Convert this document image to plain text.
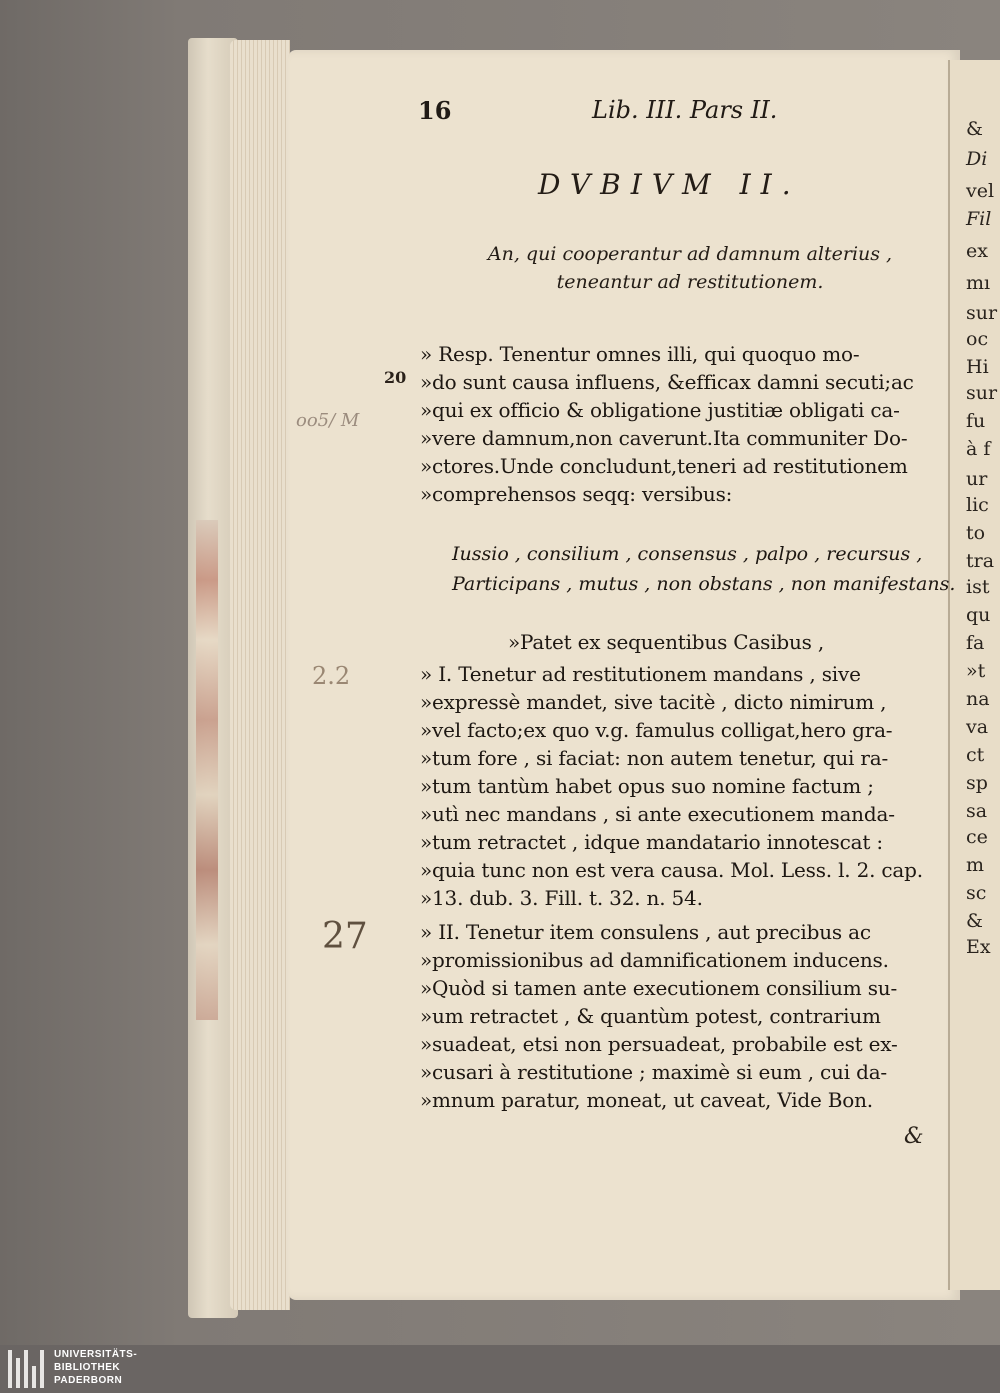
&
Di
vel
Fil
ex
mı
sur
oc
Hi
sur
fu
à f
ur
lic
to
tra
ist
qu
fa
»t
na
va
ct
sp
sa
ce
m
sc
&
Ex
16	Lib. III. Pars II.
DVBIVM II.
An, qui cooperantur ad damnum alterius ,
teneantur ad restitutionem.
20
oo5/ M
2.2
27
» Resp. Tenentur omnes illi, qui quoquo mo-
»do sunt causa influens, &efficax damni secuti;ac
»qui ex officio & obligatione justitiæ obligati ca-
»vere damnum,non caverunt.Ita communiter Do-
»ctores.Unde concludunt,teneri ad restitutionem
»comprehensos seqq: versibus:
Iussio , consilium , consensus , palpo , recursus ,
Participans , mutus , non obstans , non manifestans.
»Patet ex sequentibus Casibus ,
» I. Tenetur ad restitutionem mandans , sive
»expressè mandet, sive tacitè , dicto nimirum ,
»vel facto;ex quo v.g. famulus colligat,hero gra-
»tum fore , si faciat: non autem tenetur, qui ra-
»tum tantùm habet opus suo nomine factum ;
»utì nec mandans , si ante executionem manda-
»tum retractet , idque mandatario innotescat :
»quia tunc non est vera causa. Mol. Less. l. 2. cap.
»13. dub. 3. Fill. t. 32. n. 54.
» II. Tenetur item consulens , aut precibus ac
»promissionibus ad damnificationem inducens.
»Quòd si tamen ante executionem consilium su-
»um retractet , & quantùm potest, contrarium
»suadeat, etsi non persuadeat, probabile est ex-
»cusari à restitutione ; maximè si eum , cui da-
»mnum paratur, moneat, ut caveat, Vide Bon.
&
UNIVERSITÄTS-
BIBLIOTHEK
PADERBORN
